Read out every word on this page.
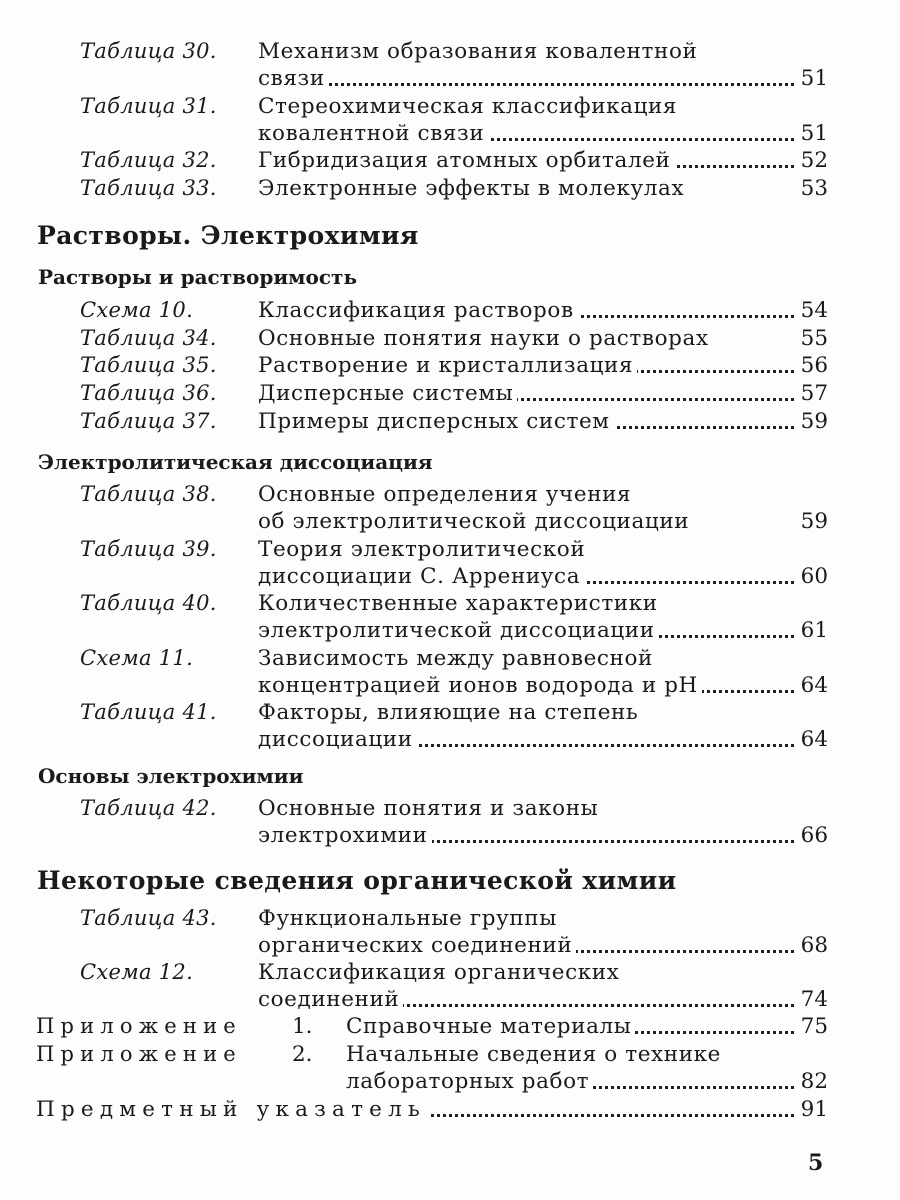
Таблица 30. Механизм образования ковалентной
связи	51
Таблица 31. Стереохимическая классификация
ковалентной связи	51
Таблица 32. Гибридизация атомных орбиталей	52
Таблица 33. Электронные эффекты в молекулах	53
Растворы. Электрохимия
Растворы и растворимость
Схема 10.	Классификация растворов	54
Таблица 34. Основные понятия науки о растворах	55
Таблица 35. Растворение и кристаллизация	56
Таблица 36. Дисперсные системы	57
Таблица 37. Примеры дисперсных систем	59
Электролитическая диссоциация
Таблица 38. Основные определения учения
об электролитической диссоциации	59
Таблица 39. Теория электролитической
диссоциации С. Аррениуса	60
Таблица 40. Количественные характеристики
электролитической диссоциации	61
Схема 11.	Зависимость между равновесной
концентрацией ионов водорода и pH	64
Таблица 41. Факторы, влияющие на степень
диссоциации	64
Основы электрохимии
Таблица 42. Основные понятия и законы
электрохимии	66
Некоторые сведения органической химии
Таблица 43. Функциональные группы
органических соединений	68
Схема 12.	Классификация органических
соединений	74
Приложение 1. Справочные материалы	75
Приложение 2. Начальные сведения о технике
лабораторных работ	82
Предметный указатель	91
5
